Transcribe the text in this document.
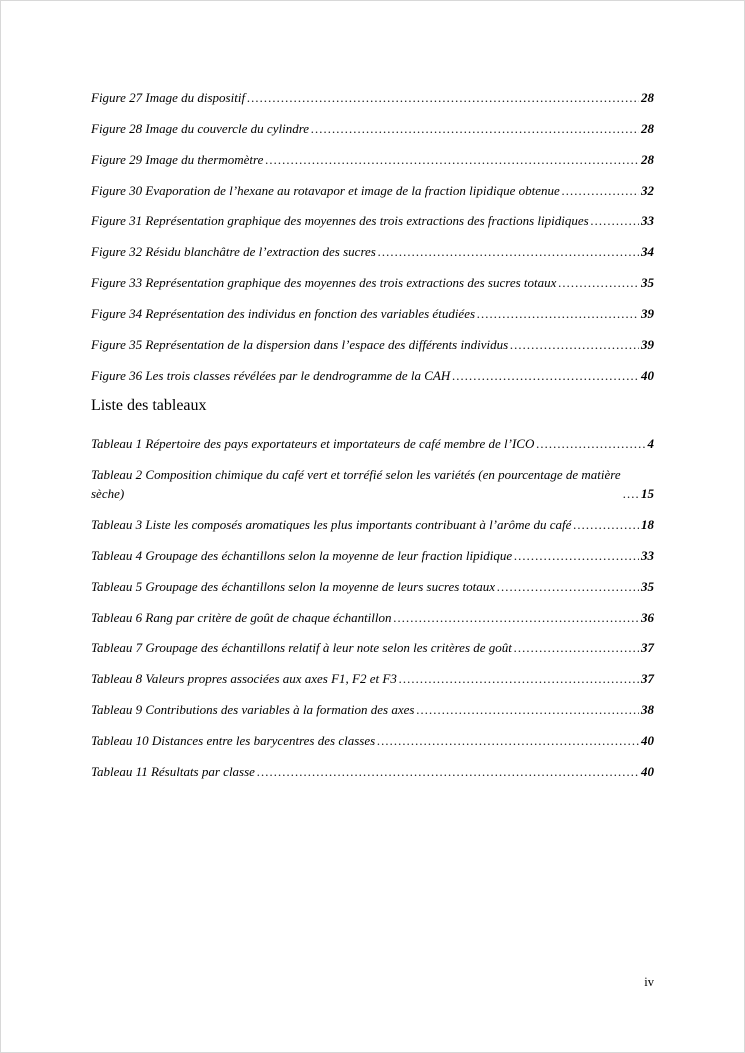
Figure 27 Image du dispositif .....	28
Figure 28 Image du couvercle du cylindre .....	28
Figure 29 Image du thermomètre .....	28
Figure 30 Evaporation de l’hexane au rotavapor et image de la fraction lipidique obtenue .....	32
Figure 31 Représentation graphique des moyennes des trois extractions des fractions lipidiques .....	33
Figure 32 Résidu blanchâtre de l’extraction des sucres .....	34
Figure 33 Représentation graphique des moyennes des trois extractions des sucres totaux .....	35
Figure 34 Représentation des individus en fonction des variables étudiées .....	39
Figure 35 Représentation de la dispersion dans l’espace des différents individus .....	39
Figure 36 Les trois classes révélées par le dendrogramme de la CAH .....	40
Liste des tableaux
Tableau 1 Répertoire des pays exportateurs et importateurs de café membre de l’ICO .....	4
Tableau 2 Composition chimique du café vert et torréfié selon les variétés (en pourcentage de matière sèche) .....	15
Tableau 3 Liste les composés aromatiques les plus importants contribuant à l’arôme du café .....	18
Tableau 4 Groupage des échantillons selon la moyenne de leur fraction lipidique .....	33
Tableau 5 Groupage des échantillons selon la moyenne de leurs sucres totaux .....	35
Tableau 6 Rang par critère de goût de chaque échantillon .....	36
Tableau 7 Groupage des échantillons relatif à leur note selon les critères de goût .....	37
Tableau 8 Valeurs propres associées aux axes F1, F2 et F3 .....	37
Tableau 9 Contributions des variables à la formation des axes .....	38
Tableau 10 Distances entre les barycentres des classes .....	40
Tableau 11 Résultats par classe .....	40
iv
